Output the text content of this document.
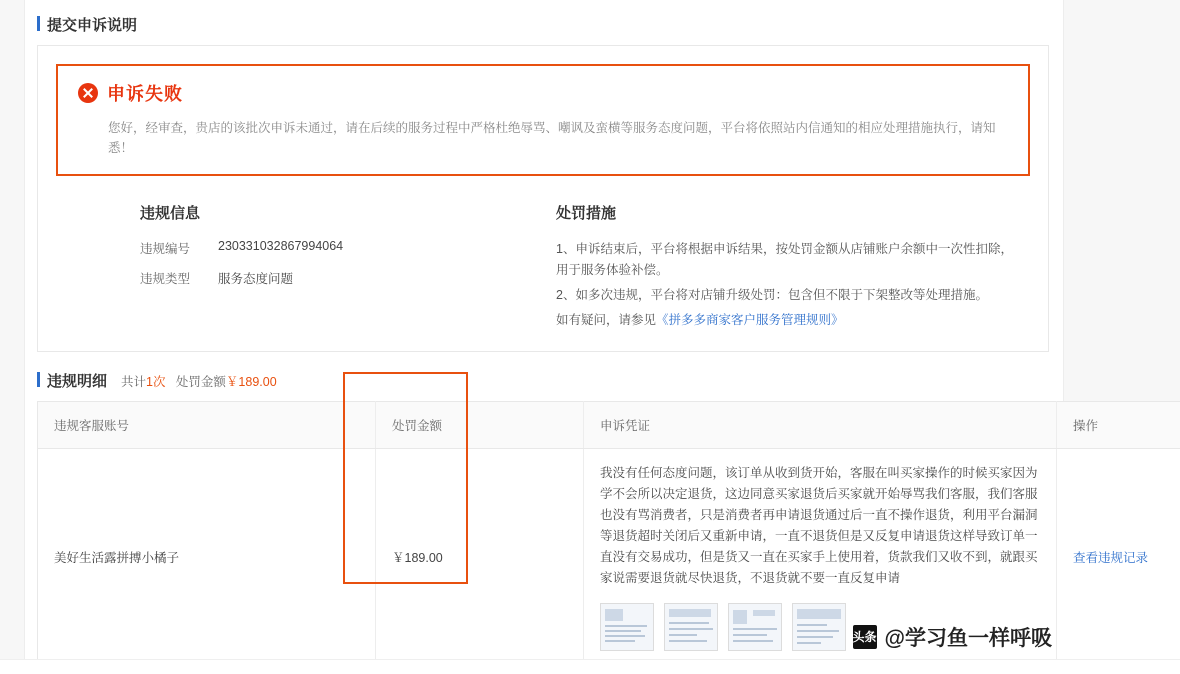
提交申诉说明
申诉失败
您好，经审查，贵店的该批次申诉未通过，请在后续的服务过程中严格杜绝辱骂、嘲讽及蛮横等服务态度问题，平台将依照站内信通知的相应处理措施执行，请知悉！
违规信息
违规编号	230331032867994064
违规类型	服务态度问题
处罚措施

1、申诉结束后，平台将根据申诉结果，按处罚金额从店铺账户余额中一次性扣除，用于服务体验补偿。

2、如多次违规，平台将对店铺升级处罚：包含但不限于下架整改等处理措施。

如有疑问，请参见《拼多多商家客户服务管理规则》

违规明细 共计1次 处罚金额￥189.00
违规客服账号	处罚金额	申诉凭证	操作
美好生活露拼搏小橘子	￥189.00	我没有任何态度问题，该订单从收到货开始，客服在叫买家操作的时候买家因为学不会所以决定退货，这边同意买家退货后买家就开始辱骂我们客服，我们客服也没有骂消费者，只是消费者再申请退货通过后一直不操作退货，利用平台漏洞等退货超时关闭后又重新申请，一直不退货但是又反复申请退货这样导致订单一直没有交易成功，但是货又一直在买家手上使用着，货款我们又收不到，就跟买家说需要退货就尽快退货，不退货就不要一直反复申请	查看违规记录
头条 @学习鱼一样呼吸
